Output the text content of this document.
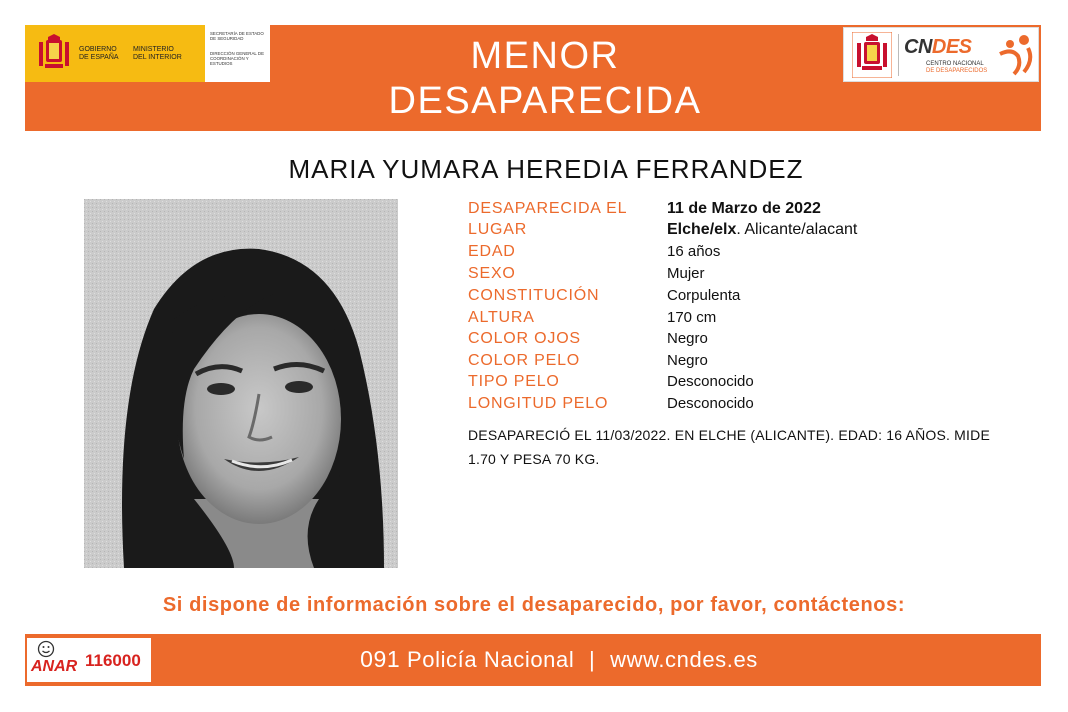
GOBIERNO DE ESPAÑA
MINISTERIO DEL INTERIOR
SECRETARÍA DE ESTADO DE SEGURIDAD
DIRECCIÓN GENERAL DE COORDINACIÓN Y ESTUDIOS	MENOR
DESAPARECIDA
CNDES
CENTRO NACIONAL
DE DESAPARECIDOS
MARIA YUMARA HEREDIA FERRANDEZ
DESAPARECIDA EL 11 de Marzo de 2022
LUGAR	Elche/elx. Alicante/alacant
EDAD	16 años
SEXO	Mujer
CONSTITUCIÓN	Corpulenta
ALTURA	170 cm
COLOR OJOS	Negro
COLOR PELO	Negro
TIPO PELO	Desconocido
LONGITUD PELO	Desconocido
DESAPARECIÓ EL 11/03/2022. EN ELCHE (ALICANTE). EDAD: 16 AÑOS. MIDE
1.70 Y PESA 70 KG.
Si dispone de información sobre el desaparecido, por favor, contáctenos:
ANAR 116000	091 Policía Nacional | www.cndes.es
